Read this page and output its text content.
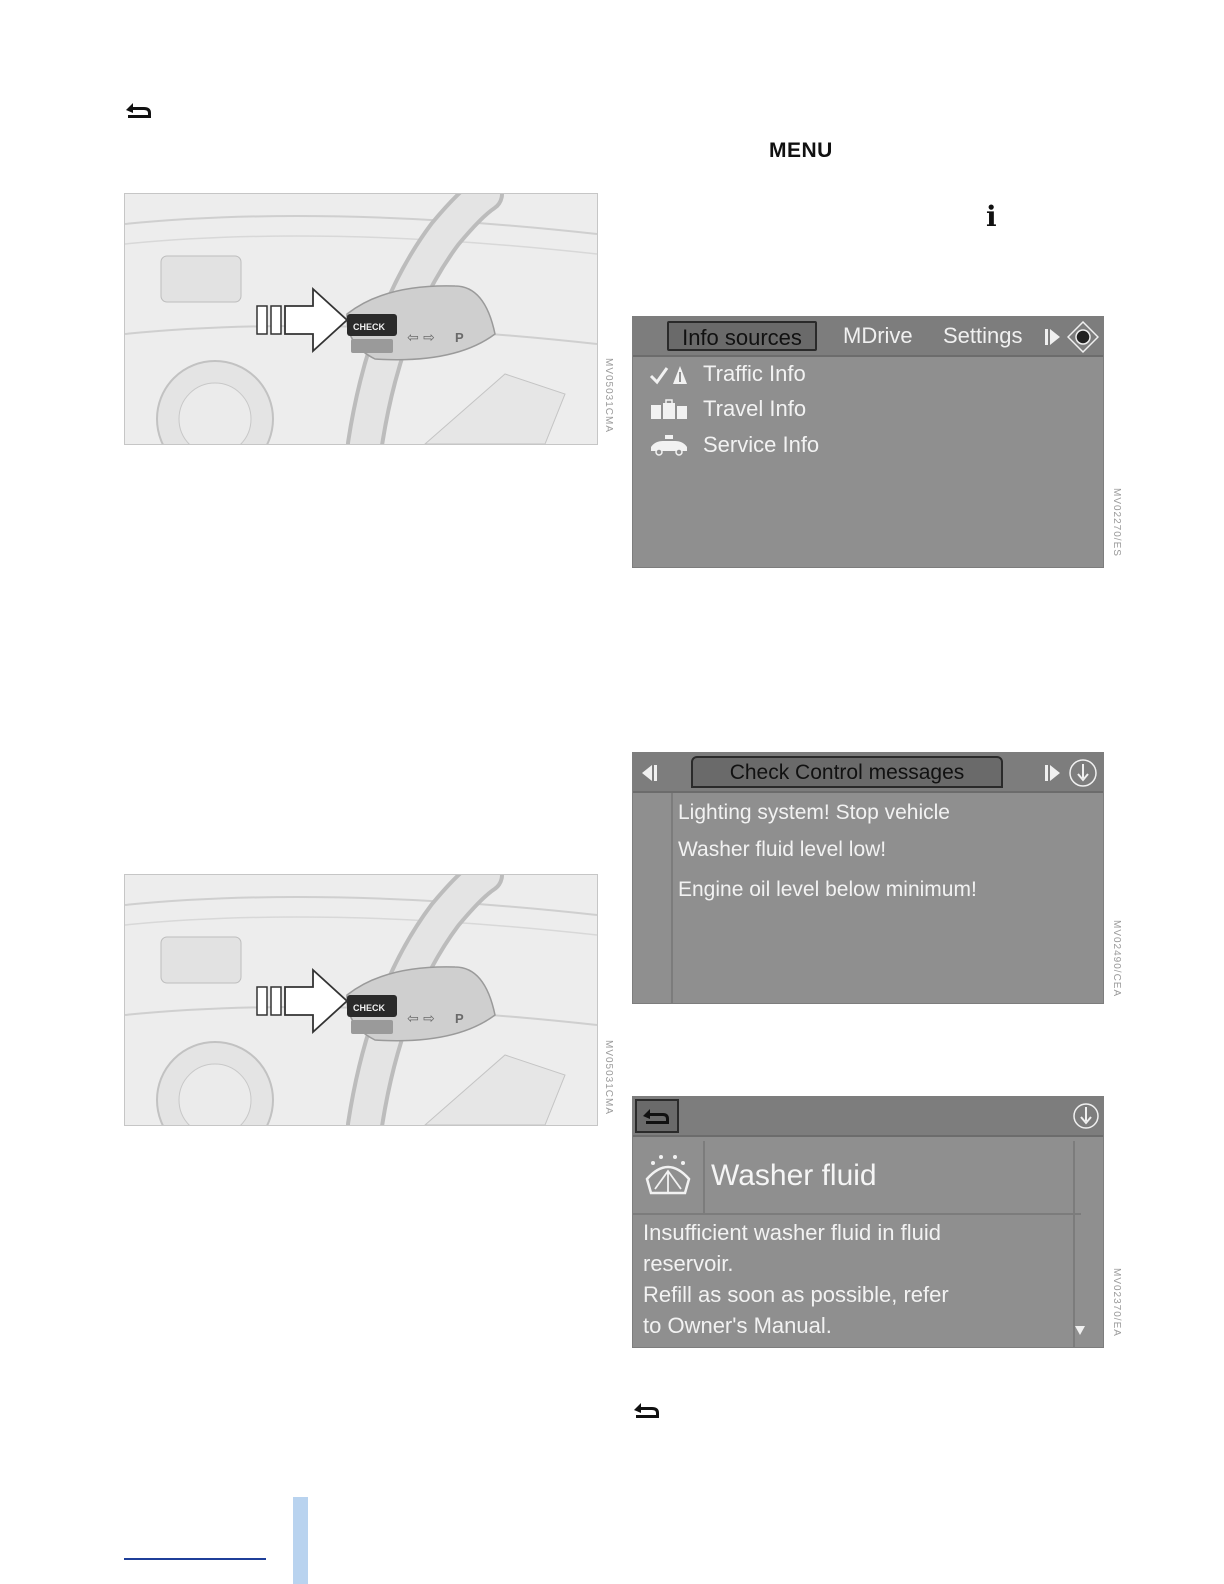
MENU
i
CHECK
⇦ ⇨ P
MV05031CMA
CHECK
⇦ ⇨ P
MV05031CMA
Info sources	MDrive Settings
Traffic Info
Travel Info
Service Info
MV02270/ES
Check Control messages
Lighting system! Stop vehicle
Washer fluid level low!
Engine oil level below minimum!
MV02490/CEA
Washer fluid
Insufficient washer fluid in fluid
reservoir.
Refill as soon as possible, refer
to Owner's Manual.	MV02370/EA
